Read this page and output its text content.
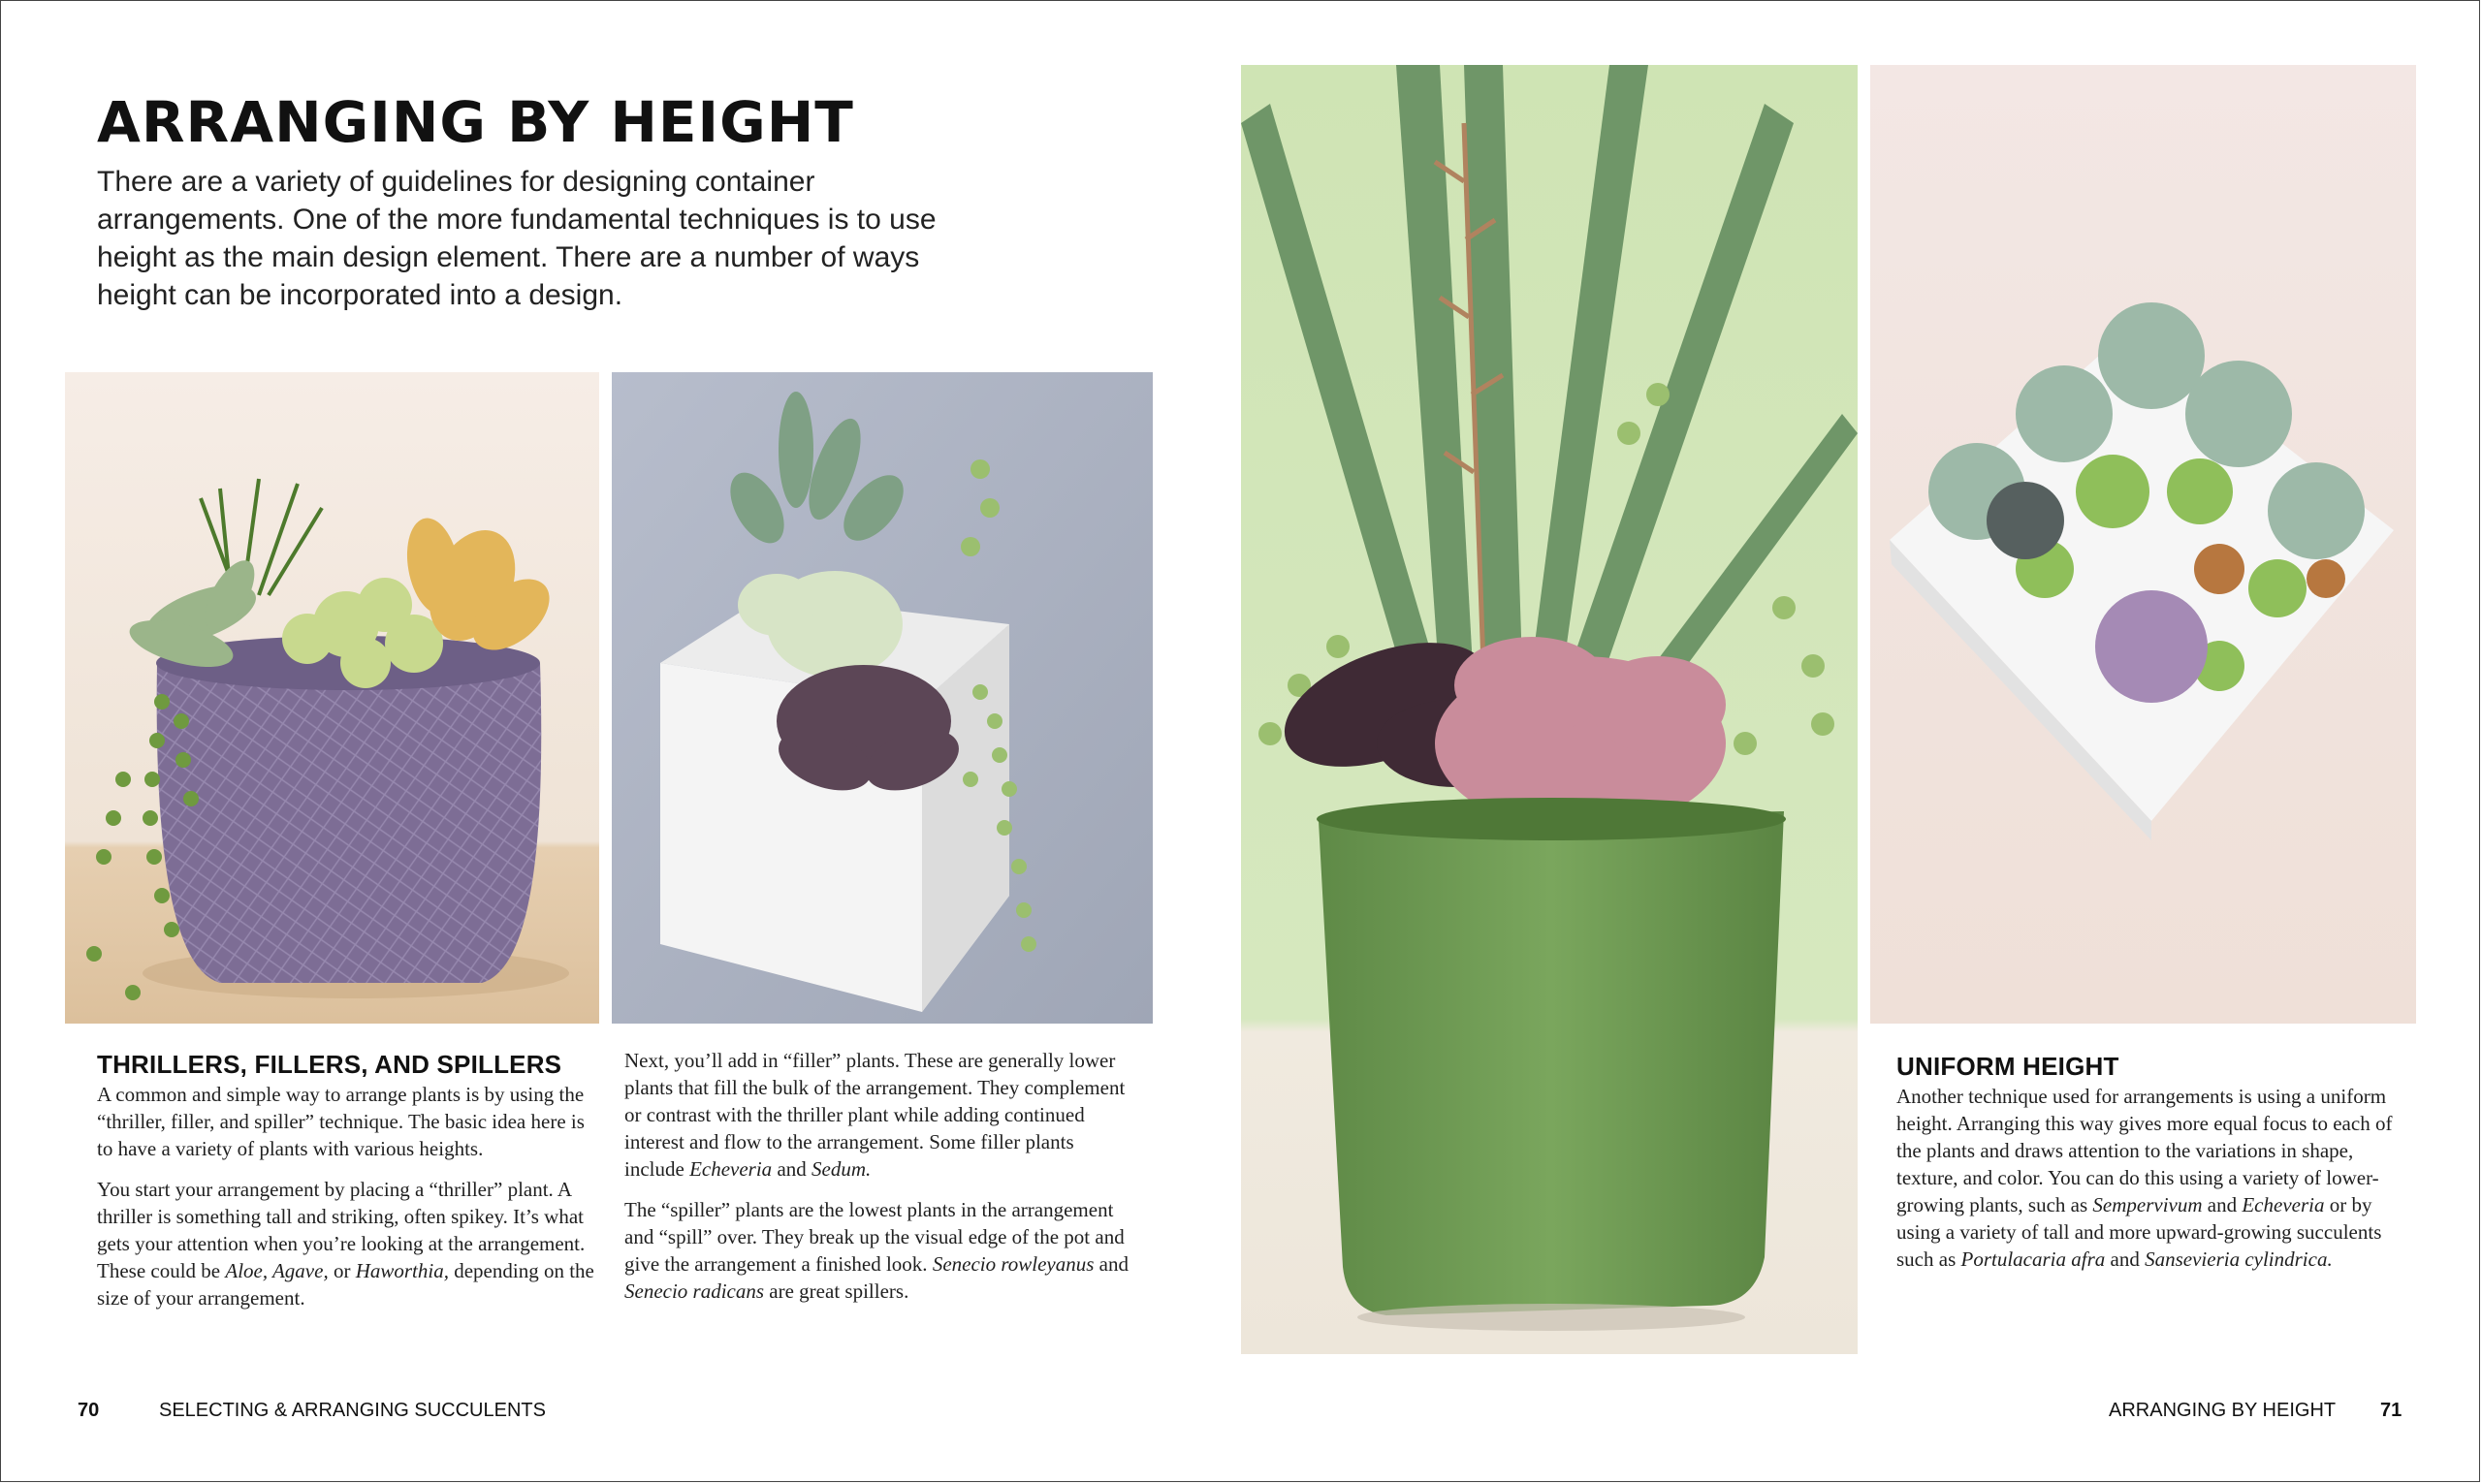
ARRANGING BY HEIGHT

There are a variety of guidelines for designing container arrangements. One of the more fundamental techniques is to use height as the main design element. There are a number of ways height can be incorporated into a design.

THRILLERS, FILLERS, AND SPILLERS

A common and simple way to arrange plants is by using the “thriller, filler, and spiller” technique. The basic idea here is to have a variety of plants with various heights.

You start your arrangement by placing a “thriller” plant. A thriller is something tall and striking, often spikey. It’s what gets your attention when you’re looking at the arrangement. These could be Aloe, Agave, or Haworthia, depending on the size of your arrangement.

Next, you’ll add in “filler” plants. These are generally lower plants that fill the bulk of the arrangement. They complement or contrast with the thriller plant while adding continued interest and flow to the arrangement. Some filler plants include Echeveria and Sedum.

The “spiller” plants are the lowest plants in the arrangement and “spill” over. They break up the visual edge of the pot and give the arrangement a finished look. Senecio rowleyanus and Senecio radicans are great spillers.

UNIFORM HEIGHT

Another technique used for arrangements is using a uniform height. Arranging this way gives more equal focus to each of the plants and draws attention to the variations in shape, texture, and color. You can do this using a variety of lower-growing plants, such as Sempervivum and Echeveria or by using a variety of tall and more upward-growing succulents such as Portulacaria afra and Sansevieria cylindrica.

70	SELECTING & ARRANGING SUCCULENTS	ARRANGING BY HEIGHT 71
